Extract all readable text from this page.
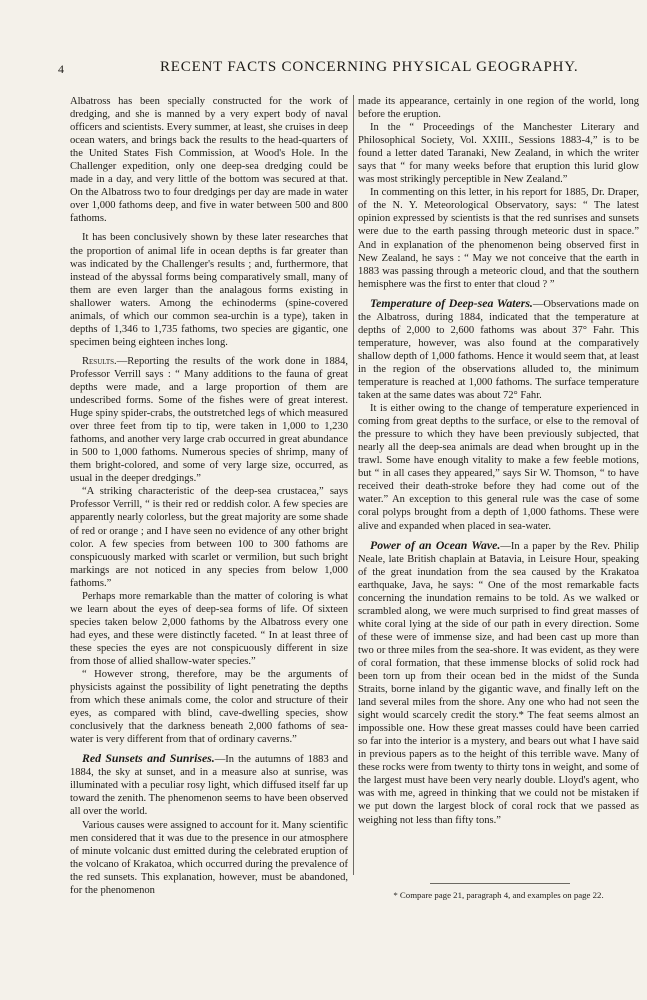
4	RECENT FACTS CONCERNING PHYSICAL GEOGRAPHY.

Albatross has been specially constructed for the work of dredging, and she is manned by a very expert body of naval officers and scientists. Every summer, at least, she cruises in deep ocean waters, and brings back the results to the head-quarters of the United States Fish Commission, at Wood's Hole. In the Challenger expedition, only one deep-sea dredging could be made in a day, and very little of the bottom was secured at that. On the Albatross two to four dredgings per day are made in water over 1,000 fathoms deep, and five in water between 500 and 800 fathoms.

It has been conclusively shown by these later researches that the proportion of animal life in ocean depths is far greater than was indicated by the Challenger's results ; and, furthermore, that instead of the abyssal forms being comparatively small, many of them are even larger than the analagous forms existing in shallower waters. Among the echinoderms (spine-covered animals, of which our common sea-urchin is a type), taken in depths of 1,346 to 1,735 fathoms, two species are gigantic, one specimen being eighteen inches long.

Results.—Reporting the results of the work done in 1884, Professor Verrill says : “ Many additions to the fauna of great depths were made, and a large proportion of them are undescribed forms. Some of the fishes were of great interest. Huge spiny spider-crabs, the outstretched legs of which measured over three feet from tip to tip, were taken in 1,000 to 1,230 fathoms, and another very large crab occurred in great abundance in 500 to 1,000 fathoms. Numerous species of shrimp, many of them bright-colored, and some of very large size, occurred, as usual in the deeper dredgings.”

“A striking characteristic of the deep-sea crustacea,” says Professor Verrill, “ is their red or reddish color. A few species are apparently nearly colorless, but the great majority are some shade of red or orange ; and I have seen no evidence of any other bright color. A few species from between 100 to 300 fathoms are conspicuously marked with scarlet or vermilion, but such bright markings are not noticed in any species from below 1,000 fathoms.”

Perhaps more remarkable than the matter of coloring is what we learn about the eyes of deep-sea forms of life. Of sixteen species taken below 2,000 fathoms by the Albatross every one had eyes, and these were distinctly faceted. “ In at least three of these species the eyes are not conspicuously different in size from those of allied shallow-water species.”

“ However strong, therefore, may be the arguments of physicists against the possibility of light penetrating the depths from which these animals come, the color and structure of their eyes, as compared with blind, cave-dwelling species, show conclusively that the darkness beneath 2,000 fathoms of sea-water is very different from that of ordinary caverns.”

Red Sunsets and Sunrises.—In the autumns of 1883 and 1884, the sky at sunset, and in a measure also at sunrise, was illuminated with a peculiar rosy light, which diffused itself far up toward the zenith. The phenomenon seems to have been observed all over the world.

Various causes were assigned to account for it. Many scientific men considered that it was due to the presence in our atmosphere of minute volcanic dust emitted during the celebrated eruption of the volcano of Krakatoa, which occurred during the prevalence of the red sunsets. This explanation, however, must be abandoned, for the phenomenon

made its appearance, certainly in one region of the world, long before the eruption.

In the “ Proceedings of the Manchester Literary and Philosophical Society, Vol. XXIII., Sessions 1883-4,” is to be found a letter dated Taranaki, New Zealand, in which the writer says that “ for many weeks before that eruption this lurid glow was most strikingly perceptible in New Zealand.”

In commenting on this letter, in his report for 1885, Dr. Draper, of the N. Y. Meteorological Observatory, says: “ The latest opinion expressed by scientists is that the red sunrises and sunsets were due to the earth passing through meteoric dust in space.” And in explanation of the phenomenon being observed first in New Zealand, he says : “ May we not conceive that the earth in 1883 was passing through a meteoric cloud, and that the southern hemisphere was the first to enter that cloud ? ”

Temperature of Deep-sea Waters.—Observations made on the Albatross, during 1884, indicated that the temperature at depths of 2,000 to 2,600 fathoms was about 37° Fahr. This temperature, however, was also found at the comparatively shallow depth of 1,000 fathoms. Hence it would seem that, at least in the region of the observations alluded to, the minimum temperature is reached at 1,000 fathoms. The surface temperature taken at the same dates was about 72° Fahr.

It is either owing to the change of temperature experienced in coming from great depths to the surface, or else to the removal of the pressure to which they have been previously subjected, that nearly all the deep-sea animals are dead when brought up in the trawl. Some have enough vitality to make a few feeble motions, but “ in all cases they appeared,” says Sir W. Thomson, “ to have received their death-stroke before they had come out of the water.” An exception to this general rule was the case of some coral polyps brought from a depth of 1,000 fathoms. These were alive and expanded when placed in sea-water.

Power of an Ocean Wave.—In a paper by the Rev. Philip Neale, late British chaplain at Batavia, in Leisure Hour, speaking of the great inundation from the sea caused by the Krakatoa earthquake, Java, he says: “ One of the most remarkable facts concerning the inundation remains to be told. As we walked or scrambled along, we were much surprised to find great masses of white coral lying at the side of our path in every direction. Some of these were of immense size, and had been cast up more than two or three miles from the sea-shore. It was evident, as they were of coral formation, that these immense blocks of solid rock had been torn up from their ocean bed in the midst of the Sunda Straits, borne inland by the gigantic wave, and finally left on the land several miles from the shore. Any one who had not seen the sight would scarcely credit the story.* The feat seems almost an impossible one. How these great masses could have been carried so far into the interior is a mystery, and bears out what I have said in previous papers as to the height of this terrible wave. Many of these rocks were from twenty to thirty tons in weight, and some of the largest must have been very nearly double. Lloyd's agent, who was with me, agreed in thinking that we could not be mistaken if we put down the largest block of coral rock that we passed as weighing not less than fifty tons.”

* Compare page 21, paragraph 4, and examples on page 22.
